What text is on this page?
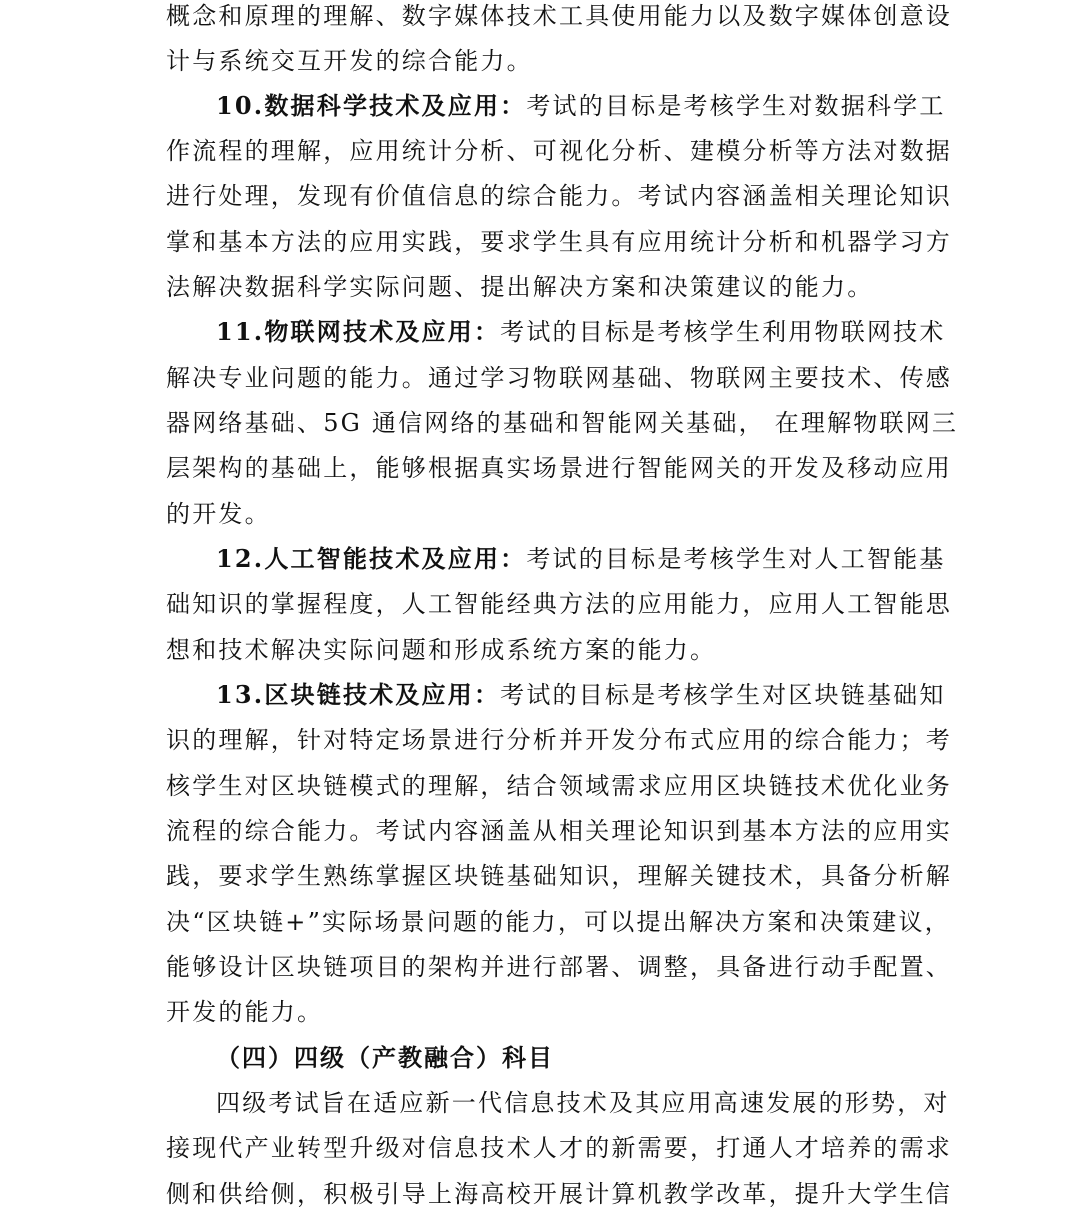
概念和原理的理解、数字媒体技术工具使用能力以及数字媒体创意设
计与系统交互开发的综合能力。
10.数据科学技术及应用：考试的目标是考核学生对数据科学工
作流程的理解，应用统计分析、可视化分析、建模分析等方法对数据
进行处理，发现有价值信息的综合能力。考试内容涵盖相关理论知识
掌和基本方法的应用实践，要求学生具有应用统计分析和机器学习方
法解决数据科学实际问题、提出解决方案和决策建议的能力。
11.物联网技术及应用：考试的目标是考核学生利用物联网技术
解决专业问题的能力。通过学习物联网基础、物联网主要技术、传感
器网络基础、5G 通信网络的基础和智能网关基础， 在理解物联网三
层架构的基础上，能够根据真实场景进行智能网关的开发及移动应用
的开发。
12.人工智能技术及应用：考试的目标是考核学生对人工智能基
础知识的掌握程度，人工智能经典方法的应用能力，应用人工智能思
想和技术解决实际问题和形成系统方案的能力。
13.区块链技术及应用：考试的目标是考核学生对区块链基础知
识的理解，针对特定场景进行分析并开发分布式应用的综合能力；考
核学生对区块链模式的理解，结合领域需求应用区块链技术优化业务
流程的综合能力。考试内容涵盖从相关理论知识到基本方法的应用实
践，要求学生熟练掌握区块链基础知识，理解关键技术，具备分析解
决“区块链+”实际场景问题的能力，可以提出解决方案和决策建议，
能够设计区块链项目的架构并进行部署、调整，具备进行动手配置、
开发的能力。
（四）四级（产教融合）科目
四级考试旨在适应新一代信息技术及其应用高速发展的形势，对
接现代产业转型升级对信息技术人才的新需要，打通人才培养的需求
侧和供给侧，积极引导上海高校开展计算机教学改革，提升大学生信
